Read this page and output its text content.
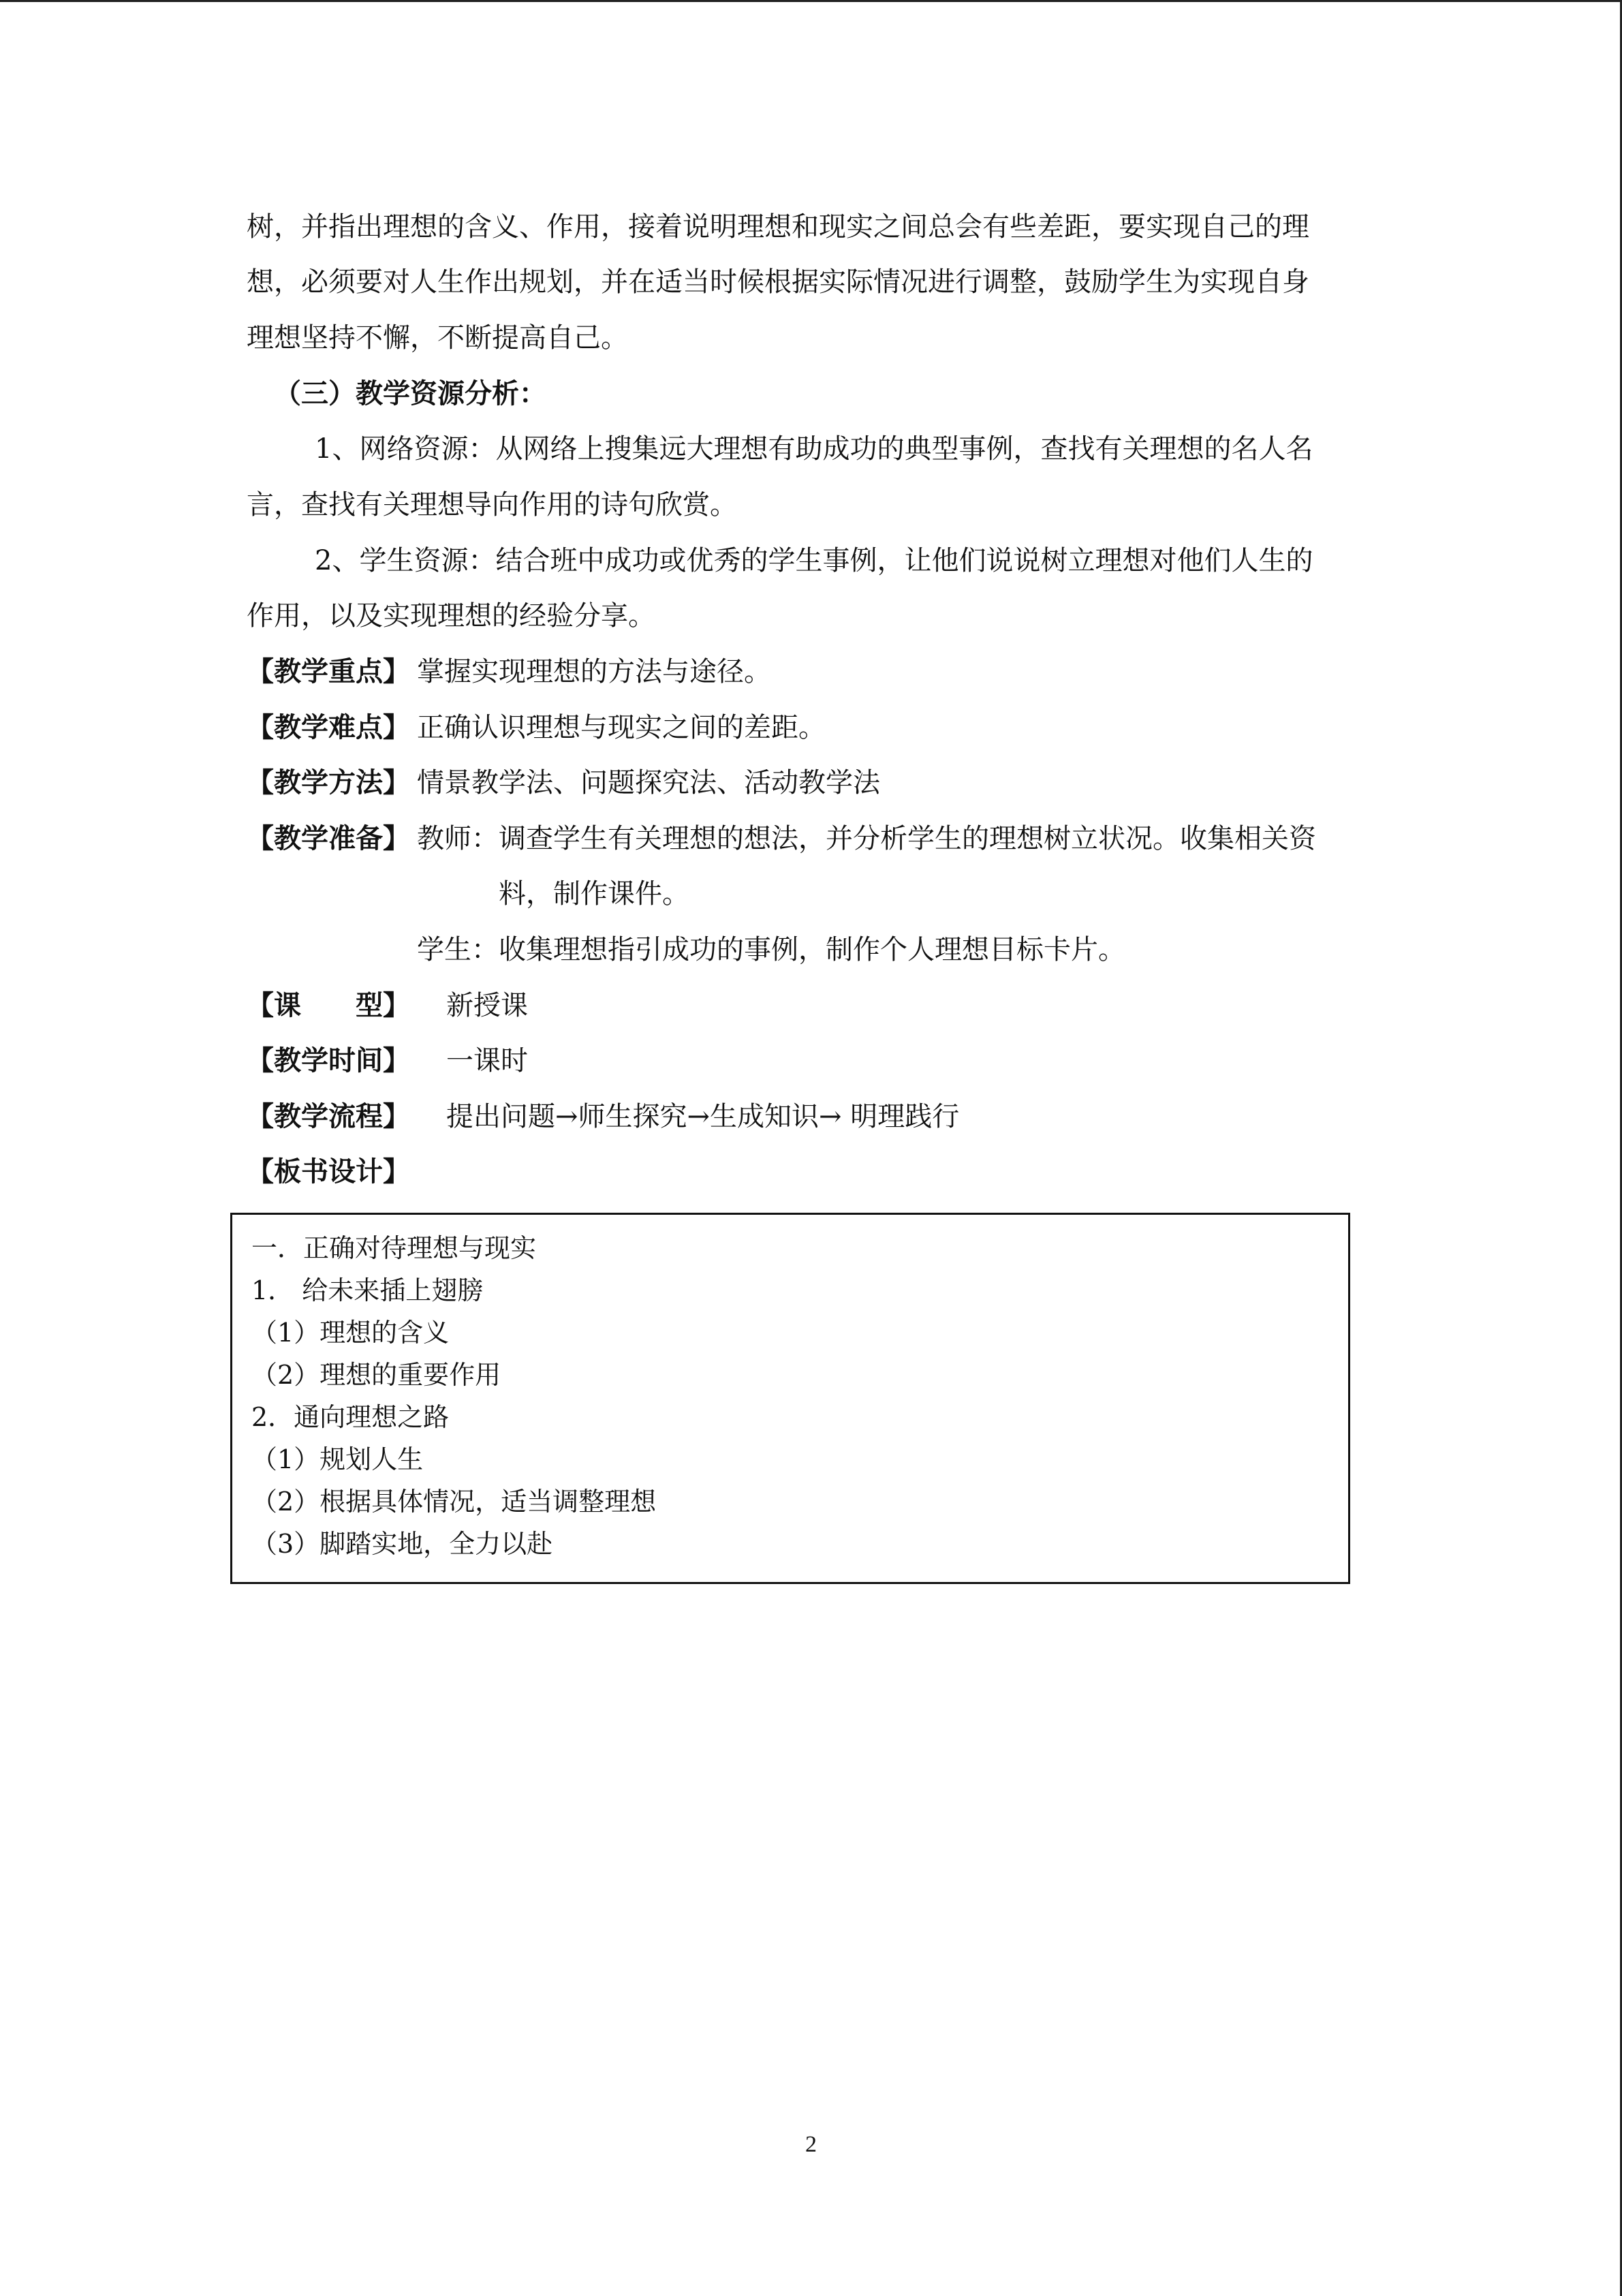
树，并指出理想的含义、作用，接着说明理想和现实之间总会有些差距，要实现自己的理
想，必须要对人生作出规划，并在适当时候根据实际情况进行调整，鼓励学生为实现自身
理想坚持不懈，不断提高自己。
（三）教学资源分析：
1、网络资源：从网络上搜集远大理想有助成功的典型事例，查找有关理想的名人名
言，查找有关理想导向作用的诗句欣赏。
2、学生资源：结合班中成功或优秀的学生事例，让他们说说树立理想对他们人生的
作用，以及实现理想的经验分享。
【教学重点】 掌握实现理想的方法与途径。
【教学难点】 正确认识理想与现实之间的差距。
【教学方法】 情景教学法、问题探究法、活动教学法
【教学准备】 教师：调查学生有关理想的想法，并分析学生的理想树立状况。收集相关资
料，制作课件。
学生：收集理想指引成功的事例，制作个人理想目标卡片。
【课　　型】 新授课
【教学时间】 一课时
【教学流程】 提出问题→师生探究→生成知识→ 明理践行
【板书设计】
一．正确对待理想与现实
1． 给未来插上翅膀
（1）理想的含义
（2）理想的重要作用
2．通向理想之路
（1）规划人生
（2）根据具体情况，适当调整理想
（3）脚踏实地，全力以赴
2
